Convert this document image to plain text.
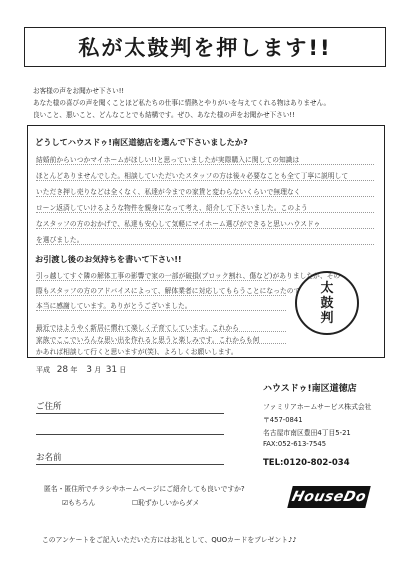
私が太鼓判を押します!!
お客様の声をお聞かせ下さい!!
あなた様の喜びの声を聞くことほど私たちの仕事に情熱とやりがいを与えてくれる物はありません。
良いこと、悪いこと、どんなことでも結構です。ぜひ、あなた様の声をお聞かせ下さい!!
どうしてハウスドゥ!南区道徳店を選んで下さいましたか?
結婚前からいつかマイホームがほしい!!と思っていましたが実際購入に関しての知識は
ほとんどありませんでした。相談していただいたスタッフの方は後々必要なことも全て丁寧に説明して
いただき押し売りなどは全くなく、私達が今までの家賃と変わらないくらいで無理なく
ローン返済していけるような物件を親身になって考え、紹介して下さいました。このよう
なスタッフの方のおかげで、私達も安心して気軽にマイホーム選びができると思いハウスドゥ
を選びました。
お引渡し後のお気持ちを書いて下さい!!
引っ越してすぐ隣の解体工事の影響で家の一部が破損(ブロック割れ、傷など)がありましたが、その
際もスタッフの方のアドバイスによって、解体業者に対応してもらうことになったので
本当に感謝しています。ありがとうございました。
最近ではようやく新居に慣れて楽しく子育てしています。これから
家族でここでいろんな思い出を作れると思うと楽しみです。これからも何
かあれば相談して行くと思いますが(笑)、よろしくお願いします。
太
鼓
判
平成 28 年 3 月 31 日
ご住所
お名前
ハウスドゥ!南区道徳店
ファミリアホームサービス株式会社
〒457-0841
名古屋市南区豊田4丁目5-21
FAX:052-613-7545
TEL:0120-802-034
HouseDo
匿名・匿住所でチラシやホームページにご紹介しても良いですか?
☑もちろん	☐恥ずかしいからダメ
このアンケートをご記入いただいた方にはお礼として、QUOカードをプレゼント♪♪
